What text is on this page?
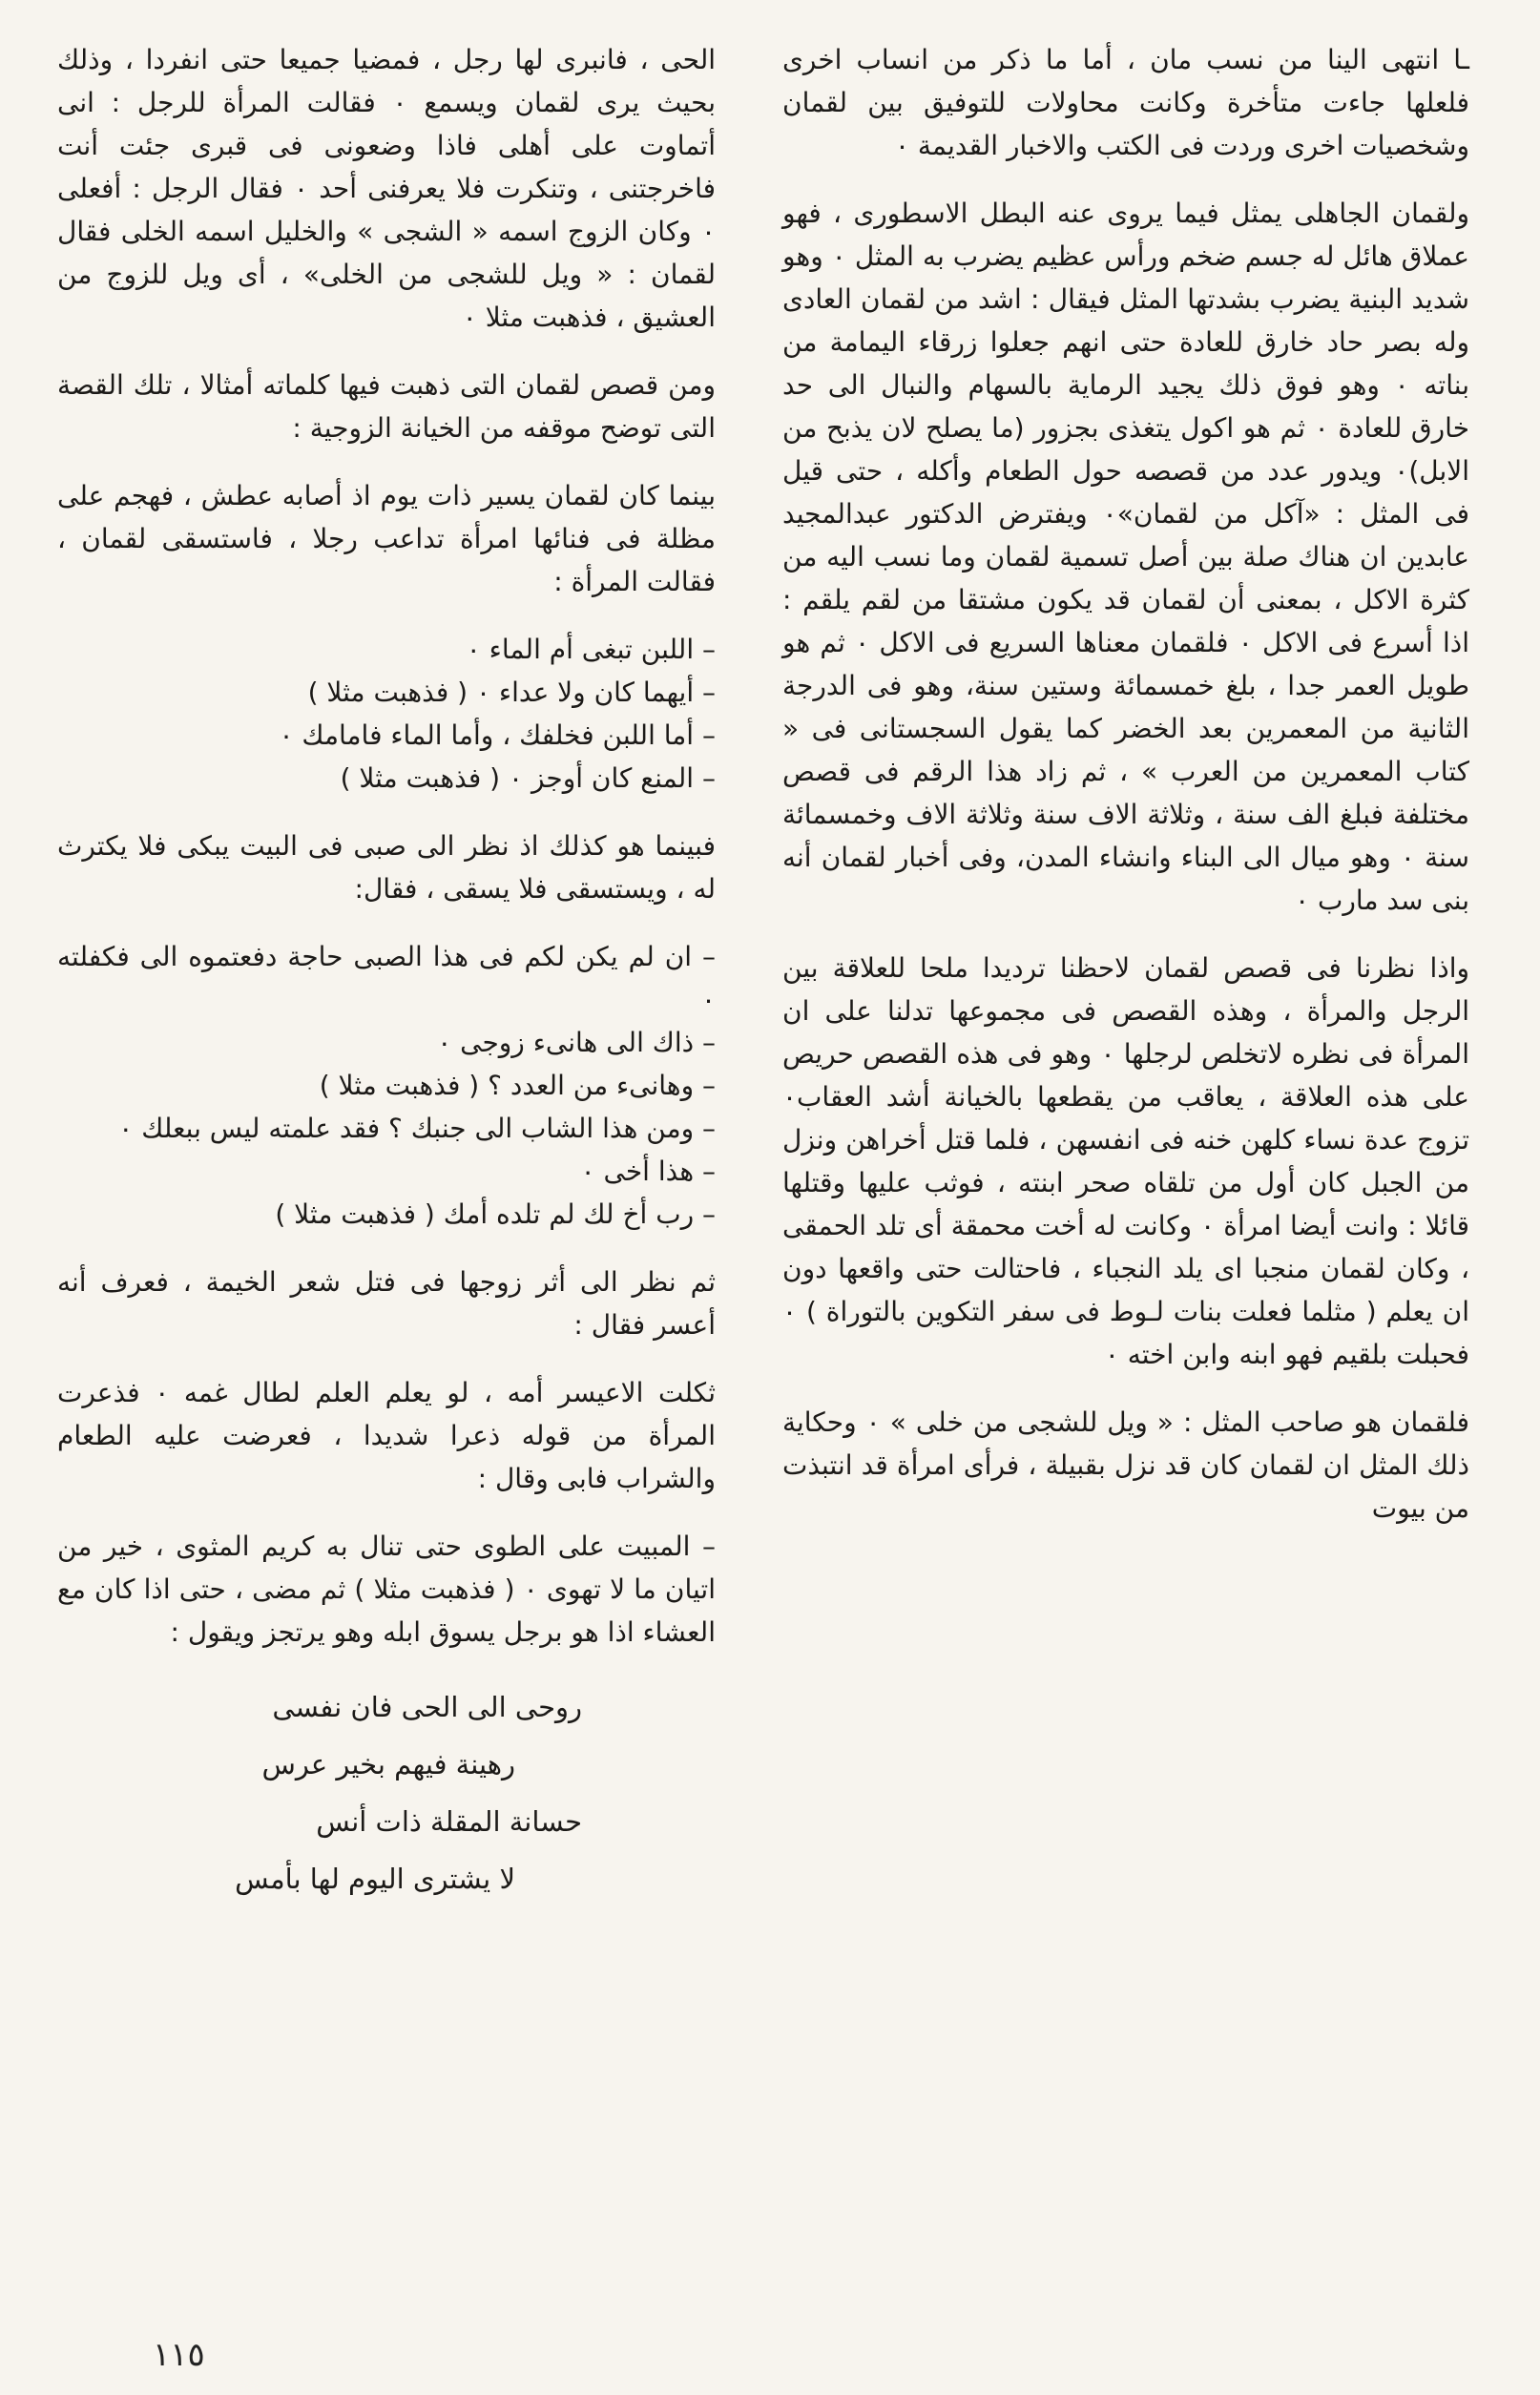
ـا انتهى الينا من نسب مان ، أما ما ذكر من انساب اخرى فلعلها جاءت متأخرة وكانت محاولات للتوفيق بين لقمان وشخصيات اخرى وردت فى الكتب والاخبار القديمة ٠

ولقمان الجاهلى يمثل فيما يروى عنه البطل الاسطورى ، فهو عملاق هائل له جسم ضخم ورأس عظيم يضرب به المثل ٠ وهو شديد البنية يضرب بشدتها المثل فيقال : اشد من لقمان العادى وله بصر حاد خارق للعادة حتى انهم جعلوا زرقاء اليمامة من بناته ٠ وهو فوق ذلك يجيد الرماية بالسهام والنبال الى حد خارق للعادة ٠ ثم هو اكول يتغذى بجزور (ما يصلح لان يذبح من الابل)٠ ويدور عدد من قصصه حول الطعام وأكله ، حتى قيل فى المثل : «آكل من لقمان»٠ ويفترض الدكتور عبدالمجيد عابدين ان هناك صلة بين أصل تسمية لقمان وما نسب اليه من كثرة الاكل ، بمعنى أن لقمان قد يكون مشتقا من لقم يلقم : اذا أسرع فى الاكل ٠ فلقمان معناها السريع فى الاكل ٠ ثم هو طويل العمر جدا ، بلغ خمسمائة وستين سنة، وهو فى الدرجة الثانية من المعمرين بعد الخضر كما يقول السجستانى فى « كتاب المعمرين من العرب » ، ثم زاد هذا الرقم فى قصص مختلفة فبلغ الف سنة ، وثلاثة الاف سنة وثلاثة الاف وخمسمائة سنة ٠ وهو ميال الى البناء وانشاء المدن، وفى أخبار لقمان أنه بنى سد مارب ٠

واذا نظرنا فى قصص لقمان لاحظنا ترديدا ملحا للعلاقة بين الرجل والمرأة ، وهذه القصص فى مجموعها تدلنا على ان المرأة فى نظره لاتخلص لرجلها ٠ وهو فى هذه القصص حريص على هذه العلاقة ، يعاقب من يقطعها بالخيانة أشد العقاب٠ تزوج عدة نساء كلهن خنه فى انفسهن ، فلما قتل أخراهن ونزل من الجبل كان أول من تلقاه صحر ابنته ، فوثب عليها وقتلها قائلا : وانت أيضا امرأة ٠ وكانت له أخت محمقة أى تلد الحمقى ، وكان لقمان منجبا اى يلد النجباء ، فاحتالت حتى واقعها دون ان يعلم ( مثلما فعلت بنات لـوط فى سفر التكوين بالتوراة ) ٠ فحبلت بلقيم فهو ابنه وابن اخته ٠

فلقمان هو صاحب المثل : « ويل للشجى من خلى » ٠ وحكاية ذلك المثل ان لقمان كان قد نزل بقبيلة ، فرأى امرأة قد انتبذت من بيوت

الحى ، فانبرى لها رجل ، فمضيا جميعا حتى انفردا ، وذلك بحيث يرى لقمان ويسمع ٠ فقالت المرأة للرجل : انى أتماوت على أهلى فاذا وضعونى فى قبرى جئت أنت فاخرجتنى ، وتنكرت فلا يعرفنى أحد ٠ فقال الرجل : أفعلى ٠ وكان الزوج اسمه « الشجى » والخليل اسمه الخلى فقال لقمان : « ويل للشجى من الخلى» ، أى ويل للزوج من العشيق ، فذهبت مثلا ٠

ومن قصص لقمان التى ذهبت فيها كلماته أمثالا ، تلك القصة التى توضح موقفه من الخيانة الزوجية :

بينما كان لقمان يسير ذات يوم اذ أصابه عطش ، فهجم على مظلة فى فنائها امرأة تداعب رجلا ، فاستسقى لقمان ، فقالت المرأة :

– اللبن تبغى أم الماء ٠
– أيهما كان ولا عداء ٠ ( فذهبت مثلا )
– أما اللبن فخلفك ، وأما الماء فامامك ٠
– المنع كان أوجز ٠ ( فذهبت مثلا )

فبينما هو كذلك اذ نظر الى صبى فى البيت يبكى فلا يكترث له ، ويستسقى فلا يسقى ، فقال:

– ان لم يكن لكم فى هذا الصبى حاجة دفعتموه الى فكفلته ٠
– ذاك الى هانىء زوجى ٠
– وهانىء من العدد ؟ ( فذهبت مثلا )
– ومن هذا الشاب الى جنبك ؟ فقد علمته ليس ببعلك ٠
– هذا أخى ٠
– رب أخ لك لم تلده أمك ( فذهبت مثلا )

ثم نظر الى أثر زوجها فى فتل شعر الخيمة ، فعرف أنه أعسر فقال :

ثكلت الاعيسر أمه ، لو يعلم العلم لطال غمه ٠ فذعرت المرأة من قوله ذعرا شديدا ، فعرضت عليه الطعام والشراب فابى وقال :

– المبيت على الطوى حتى تنال به كريم المثوى ، خير من اتيان ما لا تهوى ٠ ( فذهبت مثلا ) ثم مضى ، حتى اذا كان مع العشاء اذا هو برجل يسوق ابله وهو يرتجز ويقول :
روحى الى الحى فان نفسى
رهينة فيهم بخير عرس
حسانة المقلة ذات أنس
لا يشترى اليوم لها بأمس
١١٥
